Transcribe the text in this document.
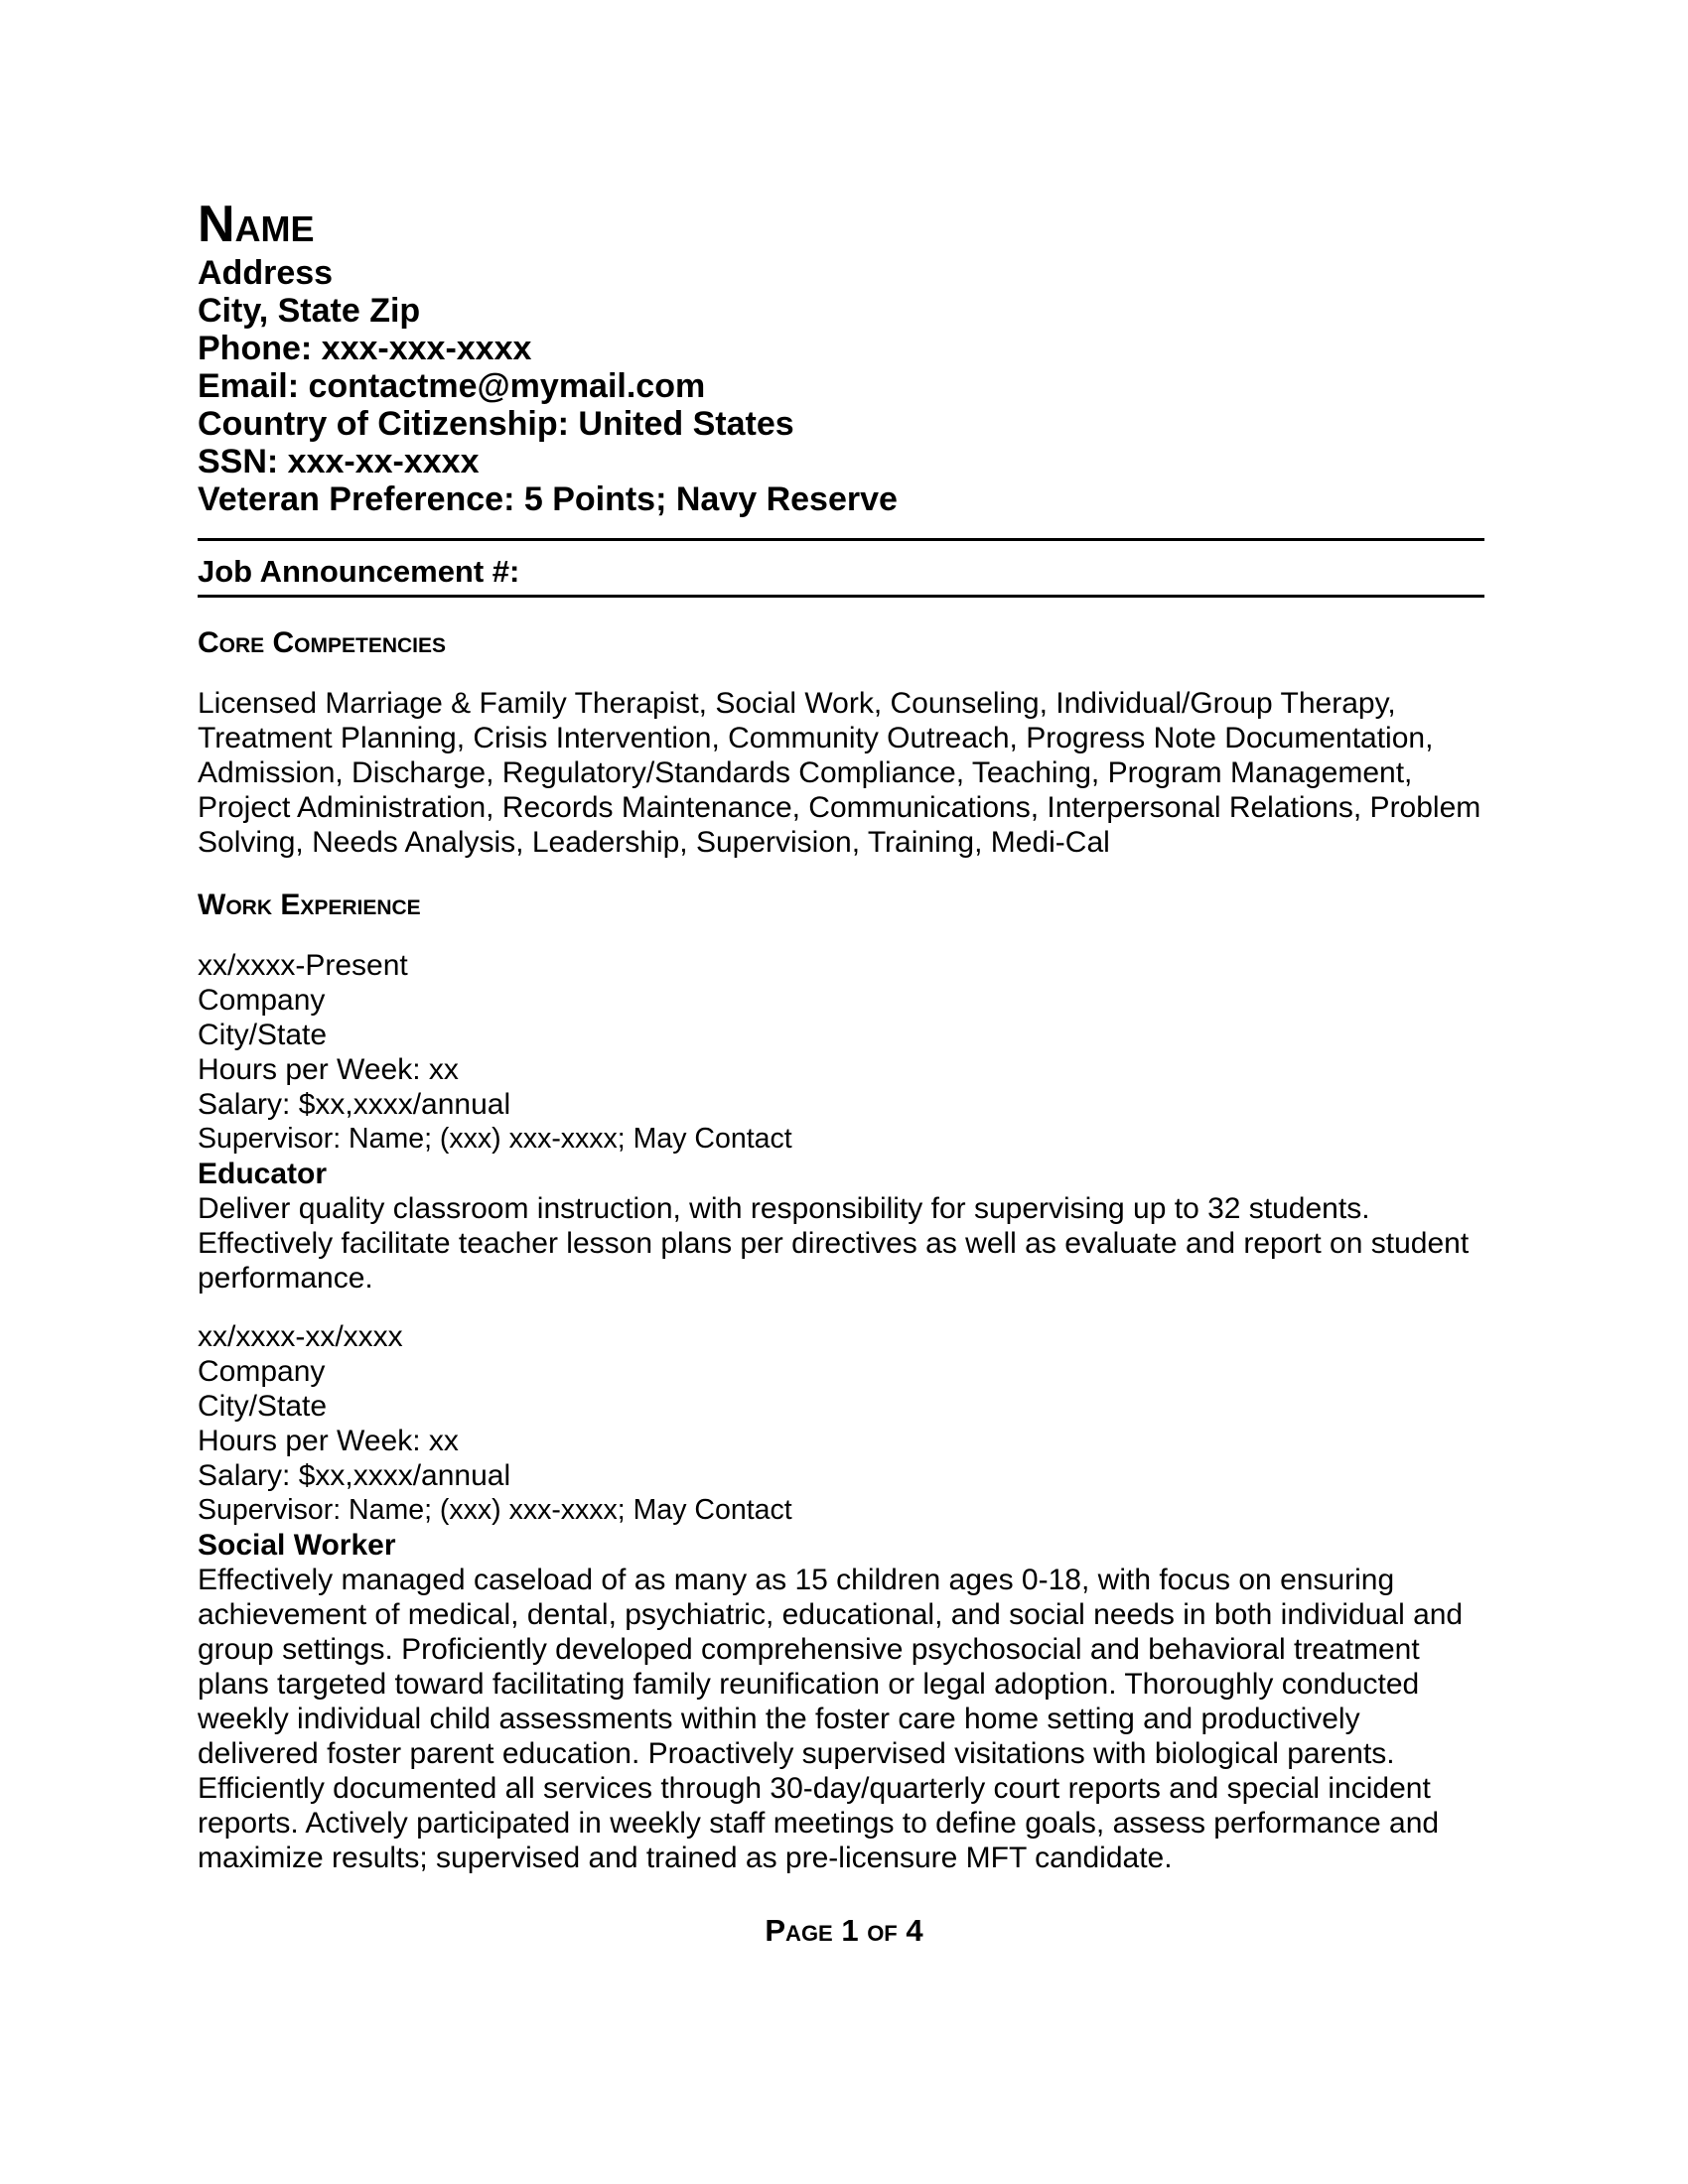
Name
Address
City, State Zip
Phone: xxx-xxx-xxxx
Email: contactme@mymail.com
Country of Citizenship: United States
SSN: xxx-xx-xxxx
Veteran Preference: 5 Points; Navy Reserve
Job Announcement #:
Core Competencies

Licensed Marriage & Family Therapist, Social Work, Counseling, Individual/Group Therapy, Treatment Planning, Crisis Intervention, Community Outreach, Progress Note Documentation, Admission, Discharge, Regulatory/Standards Compliance, Teaching, Program Management, Project Administration, Records Maintenance, Communications, Interpersonal Relations, Problem Solving, Needs Analysis, Leadership, Supervision, Training, Medi-Cal

Work Experience
xx/xxxx-Present
Company
City/State
Hours per Week: xx
Salary: $xx,xxxx/annual
Supervisor: Name; (xxx) xxx-xxxx; May Contact
Educator

Deliver quality classroom instruction, with responsibility for supervising up to 32 students. Effectively facilitate teacher lesson plans per directives as well as evaluate and report on student performance.

xx/xxxx-xx/xxxx
Company
City/State
Hours per Week: xx
Salary: $xx,xxxx/annual
Supervisor: Name; (xxx) xxx-xxxx; May Contact
Social Worker

Effectively managed caseload of as many as 15 children ages 0-18, with focus on ensuring achievement of medical, dental, psychiatric, educational, and social needs in both individual and group settings. Proficiently developed comprehensive psychosocial and behavioral treatment plans targeted toward facilitating family reunification or legal adoption. Thoroughly conducted weekly individual child assessments within the foster care home setting and productively delivered foster parent education. Proactively supervised visitations with biological parents. Efficiently documented all services through 30-day/quarterly court reports and special incident reports. Actively participated in weekly staff meetings to define goals, assess performance and maximize results; supervised and trained as pre-licensure MFT candidate.

Page 1 of 4
